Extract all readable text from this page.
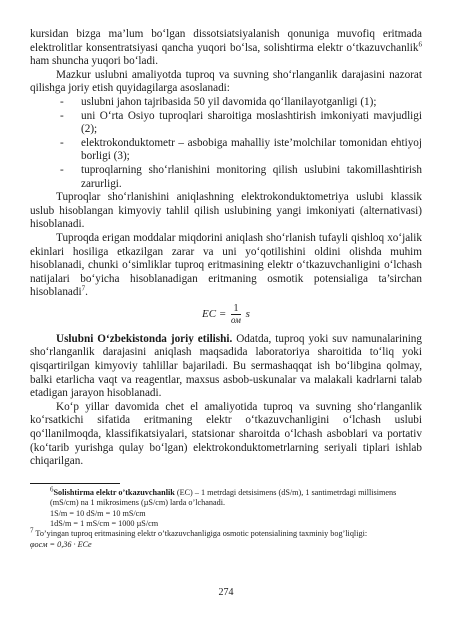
kursidan bizga ma’lum bo‘lgan dissotsiatsiyalanish qonuniga muvofiq eritmada elektrolitlar konsentratsiyasi qancha yuqori bo‘lsa, solishtirma elektr o‘tkazuvchanlik$^6$ ham shuncha yuqori bo‘ladi.

Mazkur uslubni amaliyotda tuproq va suvning sho‘rlanganlik darajasini nazorat qilishga joriy etish quyidagilarga asoslanadi:

- uslubni jahon tajribasida 50 yil davomida qo‘llanilayotganligi (1);
- uni O‘rta Osiyo tuproqlari sharoitiga moslashtirish imkoniyati mavjudligi (2);
- elektrokonduktometr – asbobiga mahalliy iste’molchilar tomonidan ehtiyoj borligi (3);
- tuproqlarning sho‘rlanishini monitoring qilish uslubini takomillashtirish zarurligi.

Tuproqlar sho‘rlanishini aniqlashning elektrokonduktometriya uslubi klassik uslub hisoblangan kimyoviy tahlil qilish uslubining yangi imkoniyati (alternativasi) hisoblanadi.

Tuproqda erigan moddalar miqdorini aniqlash sho‘rlanish tufayli qishloq xo‘jalik ekinlari hosiliga etkazilgan zarar va uni yo‘qotilishini oldini olishda muhim hisoblanadi, chunki o‘simliklar tuproq eritmasining elektr o‘tkazuvchanligini o‘lchash natijalari bo‘yicha hisoblanadigan eritmaning osmotik potensialiga ta’sirchan hisoblanadi$^7$.

EC = $\frac{1}{ом}$ s

Uslubni O‘zbekistonda joriy etilishi. Odatda, tuproq yoki suv namunalarining sho‘rlanganlik darajasini aniqlash maqsadida laboratoriya sharoitida to‘liq yoki qisqartirilgan kimyoviy tahlillar bajariladi. Bu sermashaqqat ish bo‘libgina qolmay, balki etarlicha vaqt va reagentlar, maxsus asbob-uskunalar va malakali kadrlarni talab etadigan jarayon hisoblanadi.

Ko‘p yillar davomida chet el amaliyotida tuproq va suvning sho‘rlanganlik ko‘rsatkichi sifatida eritmaning elektr o‘tkazuvchanligini o‘lchash uslubi qo‘llanilmoqda, klassifikatsiyalari, statsionar sharoitda o‘lchash asboblari va portativ (ko‘tarib yurishga qulay bo‘lgan) elektrokonduktometrlarning seriyali tiplari ishlab chiqarilgan.

$^6$Solishtirma elektr o’tkazuvchanlik (EC) – 1 metrdagi detsisimens (dS/m), 1 santimetrdagi millisimens (mS/cm) na 1 mikrosimens (µS/cm) larda o’lchanadi.

1S/m = 10 dS/m = 10 mS/cm

1dS/m = 1 mS/cm = 1000 µS/cm

$^7$ To’yingan tuproq eritmasining elektr o’tkazuvchanligiga osmotic potensialining taxminiy bog’liqligi:

φосм = 0,36 · ECe

274
